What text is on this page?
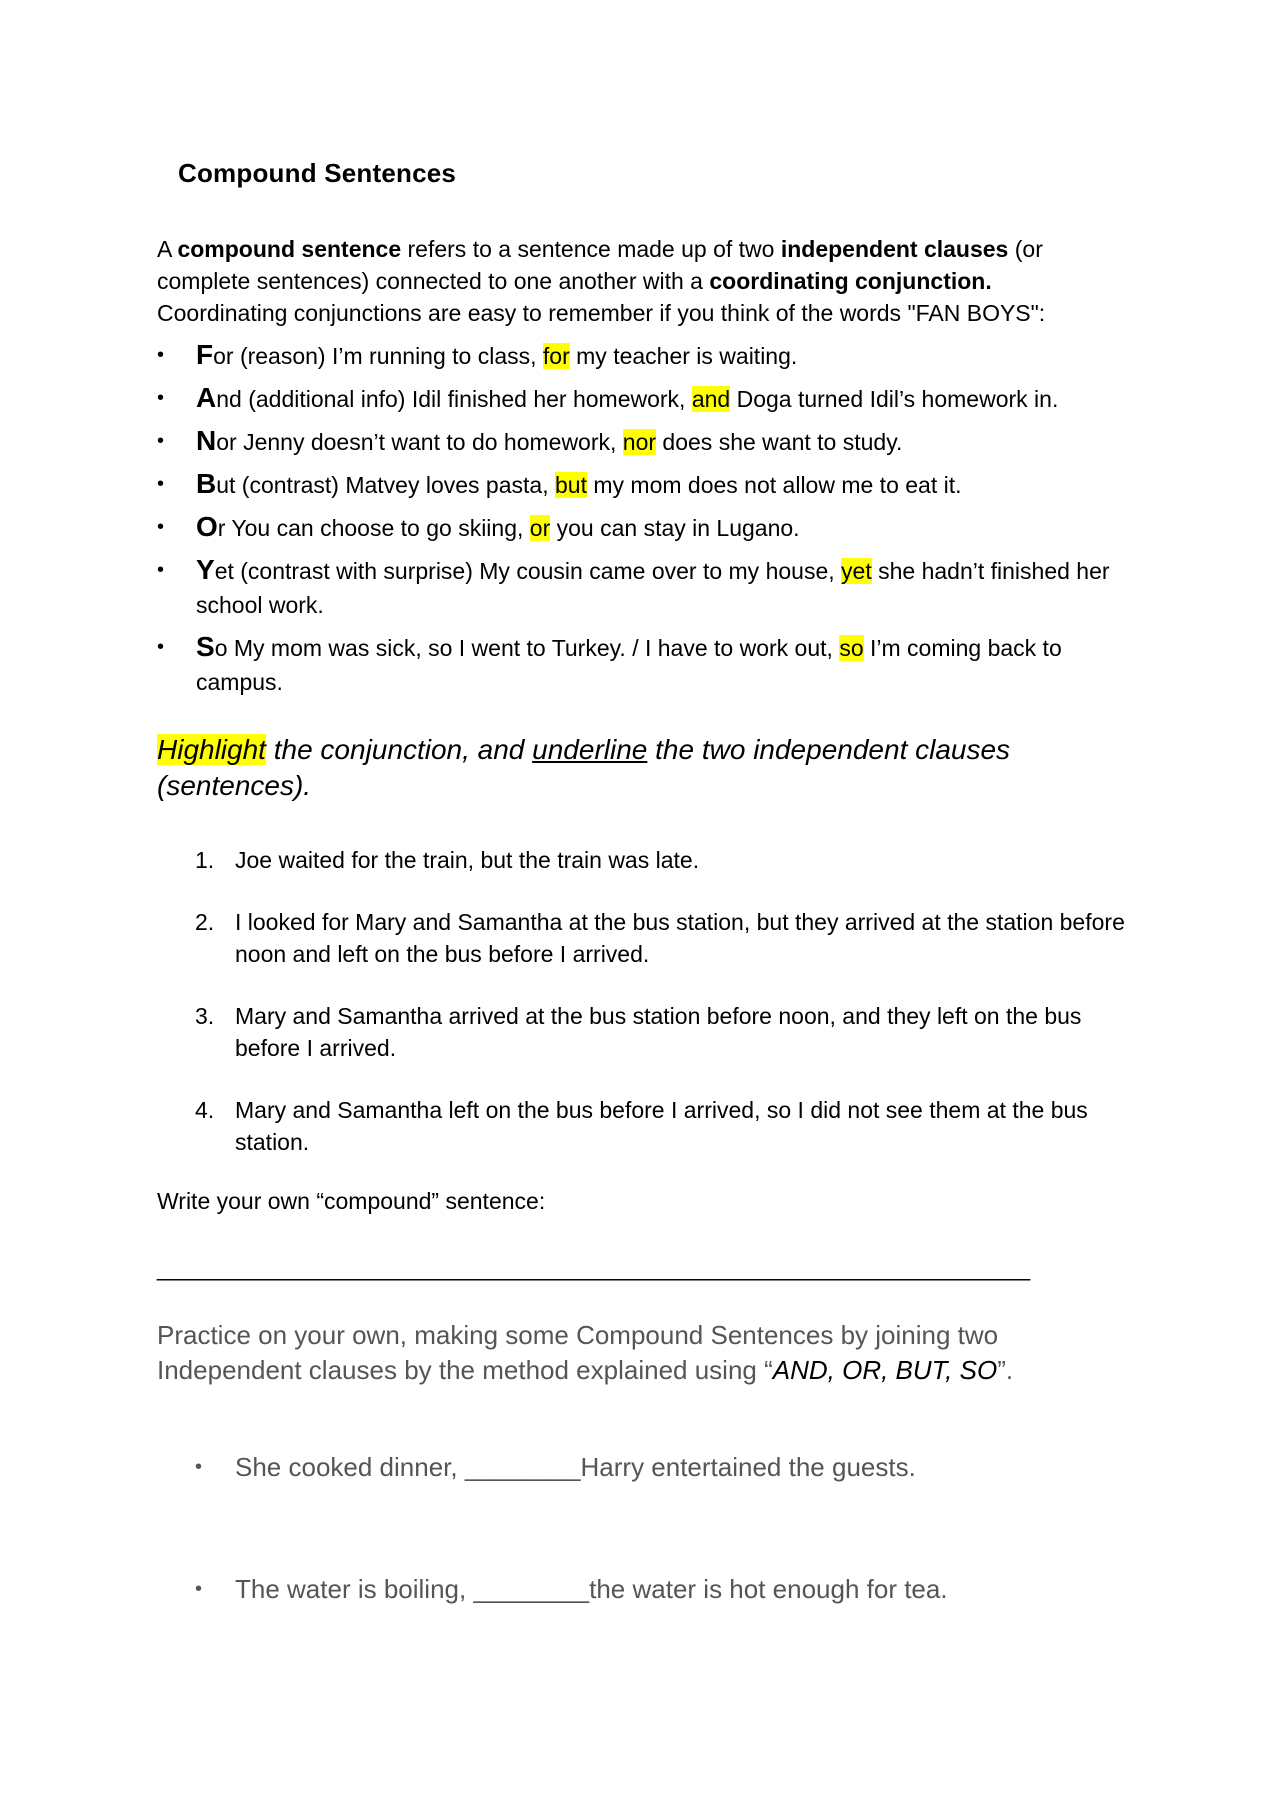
Compound Sentences
A compound sentence refers to a sentence made up of two independent clauses (or complete sentences) connected to one another with a coordinating conjunction. Coordinating conjunctions are easy to remember if you think of the words "FAN BOYS":
• For (reason) I’m running to class, for my teacher is waiting.
• And (additional info) Idil finished her homework, and Doga turned Idil’s homework in.
• Nor Jenny doesn’t want to do homework, nor does she want to study.
• But (contrast) Matvey loves pasta, but my mom does not allow me to eat it.
• Or You can choose to go skiing, or you can stay in Lugano.
• Yet (contrast with surprise) My cousin came over to my house, yet she hadn’t finished her school work.
• So My mom was sick, so I went to Turkey. / I have to work out, so I’m coming back to campus.
Highlight the conjunction, and underline the two independent clauses (sentences).
1. Joe waited for the train, but the train was late.
2. I looked for Mary and Samantha at the bus station, but they arrived at the station before noon and left on the bus before I arrived.
3. Mary and Samantha arrived at the bus station before noon, and they left on the bus before I arrived.
4. Mary and Samantha left on the bus before I arrived, so I did not see them at the bus station.
Write your own “compound” sentence:
_______________________________________________________________________
Practice on your own, making some Compound Sentences by joining two Independent clauses by the method explained using “AND, OR, BUT, SO”.
• She cooked dinner, ________Harry entertained the guests.
• The water is boiling, ________the water is hot enough for tea.
